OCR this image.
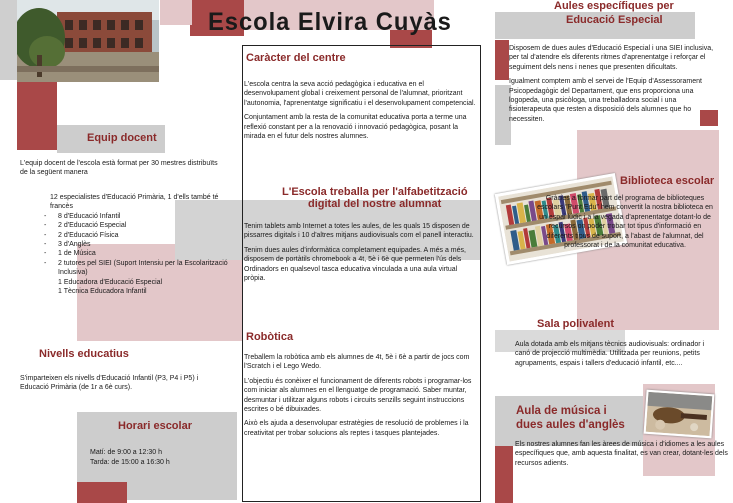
Escola Elvira Cuyàs
Equip docent
L'equip docent de l'escola està format per 30 mestres distribuïts de la següent manera
12 especialistes d'Educació Primària, 1 d'ells també té francès
- 8 d'Educació Infantil
- 2 d'Educació Especial
- 2 d'Educació Física
- 3 d'Anglès
- 1 de Música
- 2 tutores pel SIEI (Suport Intensiu per la Escolarització Inclusiva)
1 Educadora d'Educació Especial
1 Tècnica Educadora Infantil
Nivells educatius
S'imparteixen els nivells d'Educació Infantil (P3, P4 i P5) i Educació Primària (de 1r a 6è curs).
Horari escolar
Matí: de 9:00 a 12:30 h
Tarda: de 15:00 a 16:30 h
Caràcter del centre

L'escola centra la seva acció pedagògica i educativa en el desenvolupament global i creixement personal de l'alumnat, prioritzant l'autonomia, l'aprenentatge significatiu i el desenvolupament competencial.

Conjuntament amb la resta de la comunitat educativa porta a terme una reflexió constant per a la renovació i innovació pedagògica, posant la mirada en el futur dels nostres alumnes.

L'Escola treballa per l'alfabetització
digital del nostre alumnat

Tenim tablets amb Internet a totes les aules, de les quals 15 disposen de pissarres digitals i 10 d'altres mitjans audiovisuals com el panell interactiu.

Tenim dues aules d'informàtica completament equipades. A més a més, disposem de portàtils chromebook a 4t, 5è i 6è que permeten l'ús dels Ordinadors en qualsevol tasca educativa vinculada a una aula virtual pròpia.

Robòtica

Treballem la robòtica amb els alumnes de 4t, 5è i 6è a partir de jocs com l'Scratch i el Lego Wedo.

L'objectiu és conèixer el funcionament de diferents robots i programar-los com iniciar als alumnes en el llenguatge de programació. Saber muntar, desmuntar i utilitzar alguns robots i circuits senzills seguint instruccions escrites o bé dibuixades.

Això els ajuda a desenvolupar estratègies de resolució de problemes i la creativitat per trobar solucions als reptes i tasques plantejades.

Aules específiques per
Educació Especial

Disposem de dues aules d'Educació Especial i una SIEI inclusiva, per tal d'atendre els diferents ritmes d'aprenentatge i reforçar el seguiment dels nens i nenes que presenten dificultats.

Igualment comptem amb el servei de l'Equip d'Assessorament Psicopedagògic del Departament, que ens proporciona una logopeda, una psicòloga, una treballadora social i una fisioterapeuta que resten a disposició dels alumnes que ho necessiten.

Biblioteca escolar
Gràcies a formar part del programa de biblioteques escolars "Punt Edu" hem convertit la nostra biblioteca en un espai lúdic i a la vegada d'aprenentatge dotant-lo de recursos on poder trobar tot tipus d'informació en diferents tipus de suport, a l'abast de l'alumnat, del professorat i de la comunitat educativa.
Sala polivalent
Aula dotada amb els mitjans tècnics audiovisuals: ordinador i canó de projecció multimèdia. Utilitzada per reunions, petits agrupaments, espais i tallers d'educació infantil, etc....
Aula de música i
dues aules d'anglès
Els nostres alumnes fan les àrees de música i d'idiomes a les aules específiques que, amb aquesta finalitat, es van crear, dotant-les dels recursos adients.
